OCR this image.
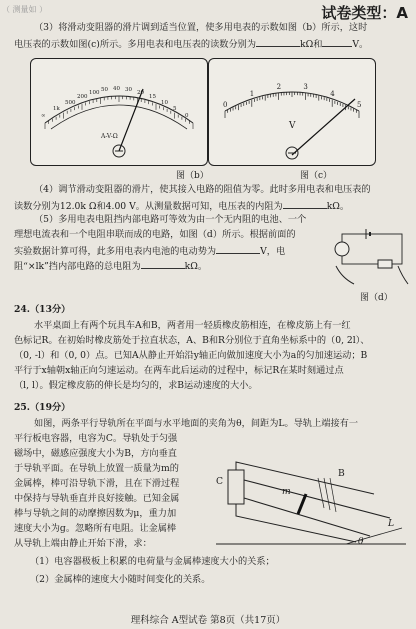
试卷类型：A
（ 测量如 ）
（3）将滑动变阻器的滑片调到适当位置，使多用电表的示数如图（b）所示，这时
电压表的示数如图(c)所示。多用电表和电压表的读数分别为	kΩ和	V。
∞
1k
500
200
100 50 40 30 20
15
10
5
0
A-V-Ω
图（b）
0
1
2	3
4
5
V
图（c）
（4）调节滑动变阻器的滑片，使其接入电路的阻值为零。此时多用电表和电压表的
读数分别为12.0k Ω和4.00 V。从测量数据可知，电压表的内阻为	kΩ。
（5）多用电表电阻挡内部电路可等效为由一个无内阻的电池、一个
理想电流表和一个电阻串联而成的电路，如图（d）所示。根据前面的
实验数据计算可得，此多用电表内电池的电动势为	V，电
阻“×lk”挡内部电路的总电阻为	kΩ。
图（d）
24.（13分）
水平桌面上有两个玩具车A和B，两者用一轻质橡皮筋相连，在橡皮筋上有一红
色标记R。在初始时橡皮筋处于拉直状态，A、B和R分别位于直角坐标系中的（0, 2l）、
（0, -l）和（0, 0）点。已知A从静止开始沿y轴正向做加速度大小为a的匀加速运动；B
平行于x轴朝x轴正向匀速运动。在两车此后运动的过程中，标记R在某时刻通过点
（l, l）。假定橡皮筋的伸长是均匀的，求B运动速度的大小。
25.（19分）
如图，两条平行导轨所在平面与水平地面的夹角为θ，间距为L。导轨上端接有一
平行板电容器，电容为C。导轨处于匀强
磁场中，磁感应强度大小为B，方向垂直
于导轨平面。在导轨上放置一质量为m的
金属棒，棒可沿导轨下滑，且在下滑过程
中保持与导轨垂直并良好接触。已知金属
棒与导轨之间的动摩擦因数为μ，重力加
速度大小为g。忽略所有电阻。让金属棒
从导轨上端由静止开始下滑，求：
（1）电容器极板上积累的电荷量与金属棒速度大小的关系；
（2）金属棒的速度大小随时间变化的关系。
C
B
m
L
θ
理科综合 A型试卷 第8页（共17页）
